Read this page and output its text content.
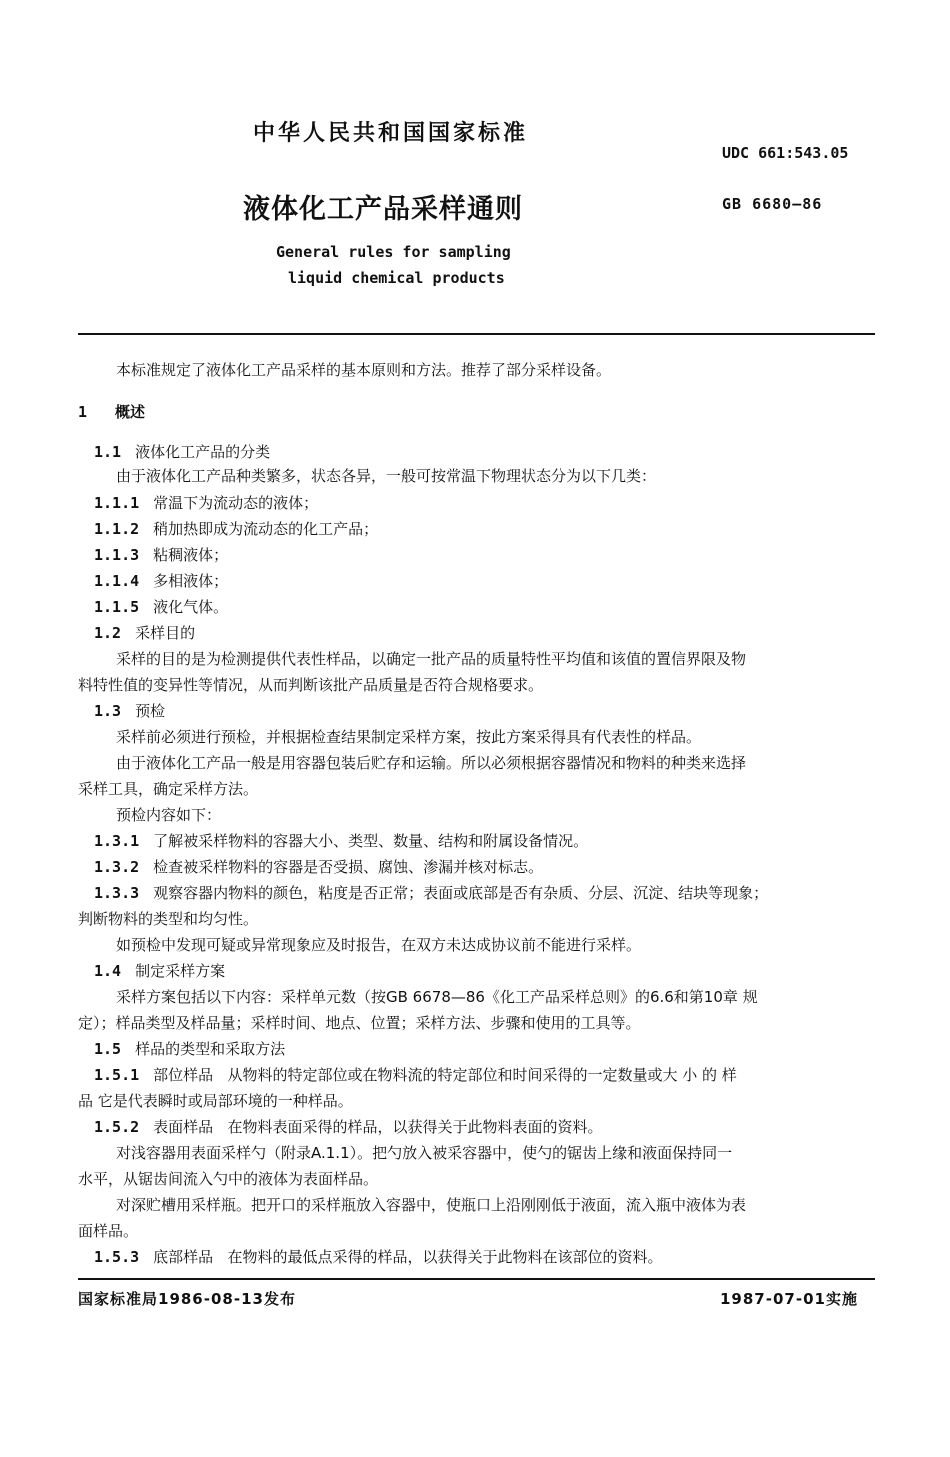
中华人民共和国国家标准
UDC 661:543.05
液体化工产品采样通则	GB 6680—86
General rules for sampling
liquid chemical products
本标准规定了液体化工产品采样的基本原则和方法。推荐了部分采样设备。
1 概述
1.1 液体化工产品的分类
由于液体化工产品种类繁多，状态各异，一般可按常温下物理状态分为以下几类：
1.1.1 常温下为流动态的液体；
1.1.2 稍加热即成为流动态的化工产品；
1.1.3 粘稠液体；
1.1.4 多相液体；
1.1.5 液化气体。
1.2 采样目的
采样的目的是为检测提供代表性样品，以确定一批产品的质量特性平均值和该值的置信界限及物
料特性值的变异性等情况，从而判断该批产品质量是否符合规格要求。
1.3 预检
采样前必须进行预检，并根据检查结果制定采样方案，按此方案采得具有代表性的样品。
由于液体化工产品一般是用容器包装后贮存和运输。所以必须根据容器情况和物料的种类来选择
采样工具，确定采样方法。
预检内容如下：
1.3.1 了解被采样物料的容器大小、类型、数量、结构和附属设备情况。
1.3.2 检查被采样物料的容器是否受损、腐蚀、渗漏并核对标志。
1.3.3 观察容器内物料的颜色，粘度是否正常；表面或底部是否有杂质、分层、沉淀、结块等现象；
判断物料的类型和均匀性。
如预检中发现可疑或异常现象应及时报告，在双方未达成协议前不能进行采样。
1.4 制定采样方案
采样方案包括以下内容：采样单元数（按GB 6678—86《化工产品采样总则》的6.6和第10章 规
定）；样品类型及样品量；采样时间、地点、位置；采样方法、步骤和使用的工具等。
1.5 样品的类型和采取方法
1.5.1 部位样品   从物料的特定部位或在物料流的特定部位和时间采得的一定数量或大 小 的 样
品 它是代表瞬时或局部环境的一种样品。
1.5.2 表面样品   在物料表面采得的样品，以获得关于此物料表面的资料。
对浅容器用表面采样勺（附录A.1.1）。把勺放入被采容器中，使勺的锯齿上缘和液面保持同一
水平，从锯齿间流入勺中的液体为表面样品。
对深贮槽用采样瓶。把开口的采样瓶放入容器中，使瓶口上沿刚刚低于液面，流入瓶中液体为表
面样品。
1.5.3 底部样品   在物料的最低点采得的样品，以获得关于此物料在该部位的资料。
国家标准局1986-08-13发布	1987-07-01实施
